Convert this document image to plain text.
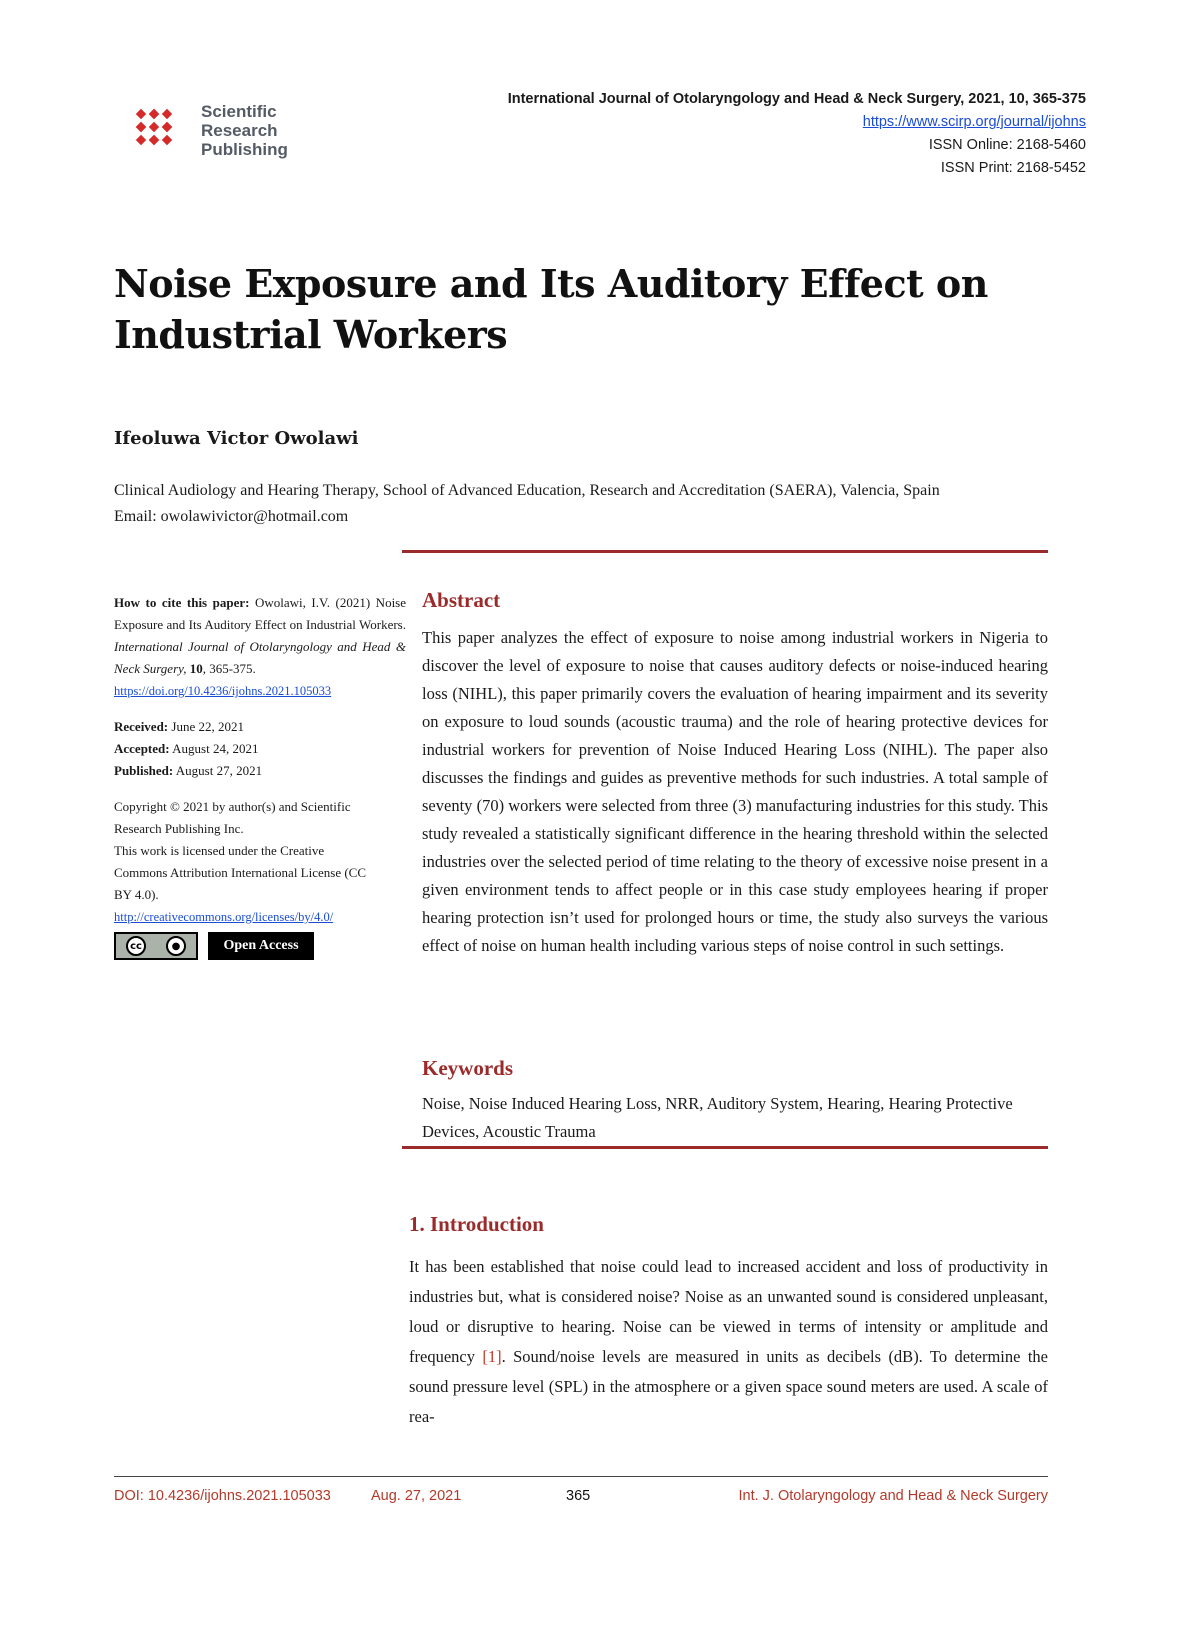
Scientific
Research
Publishing
International Journal of Otolaryngology and Head & Neck Surgery, 2021, 10, 365-375
https://www.scirp.org/journal/ijohns
ISSN Online: 2168-5460
ISSN Print: 2168-5452
Noise Exposure and Its Auditory Effect on
Industrial Workers
Ifeoluwa Victor Owolawi
Clinical Audiology and Hearing Therapy, School of Advanced Education, Research and Accreditation (SAERA), Valencia, Spain
Email: owolawivictor@hotmail.com

How to cite this paper: Owolawi, I.V. (2021) Noise Exposure and Its Auditory Effect on Industrial Workers. International Journal of Otolaryngology and Head & Neck Surgery, 10, 365-375.

https://doi.org/10.4236/ijohns.2021.105033

Received: June 22, 2021

Accepted: August 24, 2021

Published: August 27, 2021

Copyright © 2021 by author(s) and Scientific Research Publishing Inc.

This work is licensed under the Creative Commons Attribution International License (CC BY 4.0).

http://creativecommons.org/licenses/by/4.0/

cc	●	Open Access
Abstract
This paper analyzes the effect of exposure to noise among industrial workers in Nigeria to discover the level of exposure to noise that causes auditory defects or noise-induced hearing loss (NIHL), this paper primarily covers the evaluation of hearing impairment and its severity on exposure to loud sounds (acoustic trauma) and the role of hearing protective devices for industrial workers for prevention of Noise Induced Hearing Loss (NIHL). The paper also discusses the findings and guides as preventive methods for such industries. A total sample of seventy (70) workers were selected from three (3) manufacturing industries for this study. This study revealed a statistically significant difference in the hearing threshold within the selected industries over the selected period of time relating to the theory of excessive noise present in a given environment tends to affect people or in this case study employees hearing if proper hearing protection isn’t used for prolonged hours or time, the study also surveys the various effect of noise on human health including various steps of noise control in such settings.
Keywords
Noise, Noise Induced Hearing Loss, NRR, Auditory System, Hearing, Hearing Protective Devices, Acoustic Trauma
1. Introduction
It has been established that noise could lead to increased accident and loss of productivity in industries but, what is considered noise? Noise as an unwanted sound is considered unpleasant, loud or disruptive to hearing. Noise can be viewed in terms of intensity or amplitude and frequency [1]. Sound/noise levels are measured in units as decibels (dB). To determine the sound pressure level (SPL) in the atmosphere or a given space sound meters are used. A scale of rea-
DOI: 10.4236/ijohns.2021.105033	Aug. 27, 2021	365	Int. J. Otolaryngology and Head & Neck Surgery
